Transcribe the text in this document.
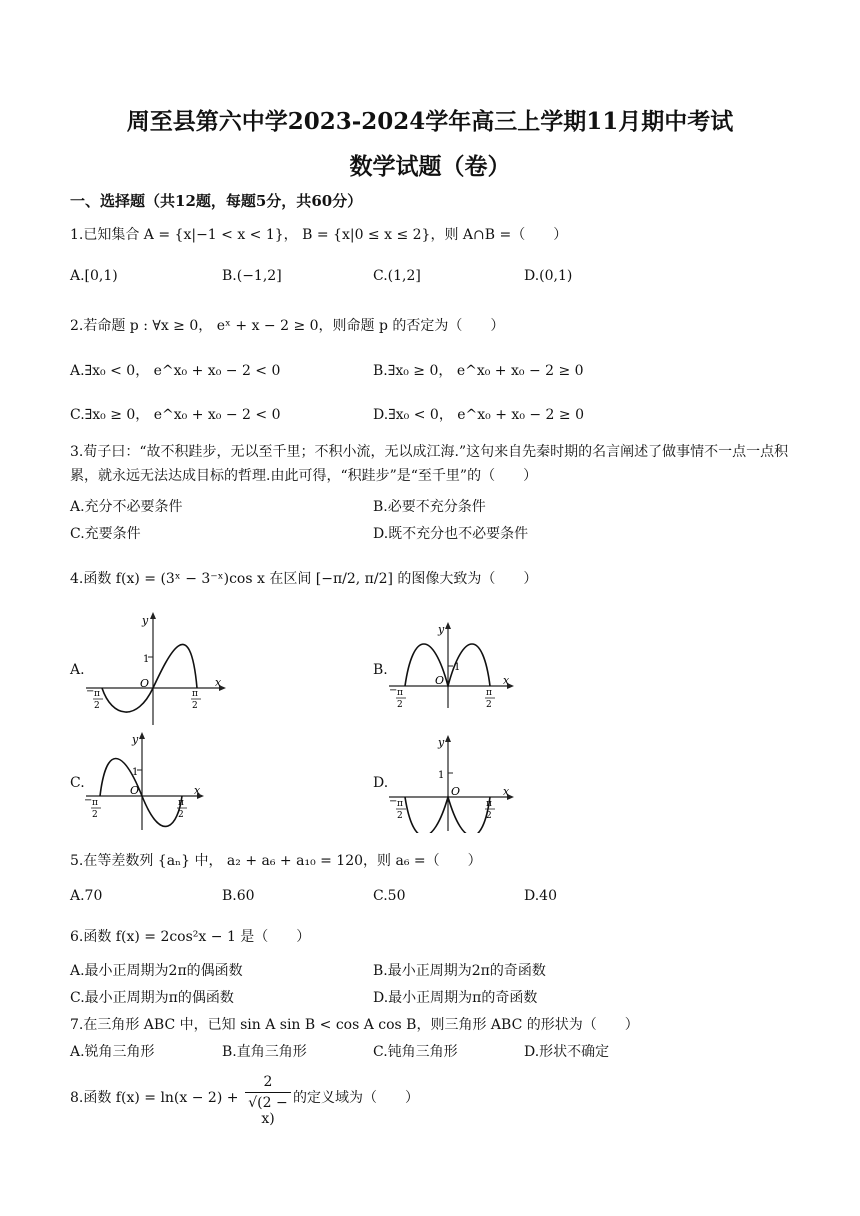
周至县第六中学2023-2024学年高三上学期11月期中考试
数学试题（卷）
一、选择题（共12题，每题5分，共60分）
1.已知集合 A = {x|−1 < x < 1}， B = {x|0 ≤ x ≤ 2}，则 A∩B =（　　）
A.[0,1)	B.(−1,2]	C.(1,2]	D.(0,1)
2.若命题 p : ∀x ≥ 0， eˣ + x − 2 ≥ 0，则命题 p 的否定为（　　）
A.∃x₀ < 0， e^x₀ + x₀ − 2 < 0	B.∃x₀ ≥ 0， e^x₀ + x₀ − 2 ≥ 0
C.∃x₀ ≥ 0， e^x₀ + x₀ − 2 < 0	D.∃x₀ < 0， e^x₀ + x₀ − 2 ≥ 0
3.荀子曰：“故不积跬步，无以至千里；不积小流，无以成江海.”这句来自先秦时期的名言阐述了做事情不一点一点积累，就永远无法达成目标的哲理.由此可得，“积跬步”是“至千里”的（　　）
A.充分不必要条件	B.必要不充分条件
C.充要条件	D.既不充分也不必要条件
4.函数 f(x) = (3ˣ − 3⁻ˣ)cos x 在区间 [−π/2, π/2] 的图像大致为（　　）
A.
y
x
O
1
− π
2
π
2
B.
y
x
O
1
− π
2
π
2
C.
y
x
O
1
− π
2
π
2
D.
y
x
O
1
− π
2
π
2
5.在等差数列 {aₙ} 中， a₂ + a₆ + a₁₀ = 120，则 a₆ =（　　）
A.70	B.60	C.50	D.40
6.函数 f(x) = 2cos²x − 1 是（　　）
A.最小正周期为2π的偶函数	B.最小正周期为2π的奇函数
C.最小正周期为π的偶函数	D.最小正周期为π的奇函数
7.在三角形 ABC 中，已知 sin A sin B < cos A cos B，则三角形 ABC 的形状为（　　）
A.锐角三角形	B.直角三角形	C.钝角三角形	D.形状不确定
8.函数 $f(x) = \ln(x - 2) + \frac{2}{√(2 - x)}$ 的定义域为（　　）
